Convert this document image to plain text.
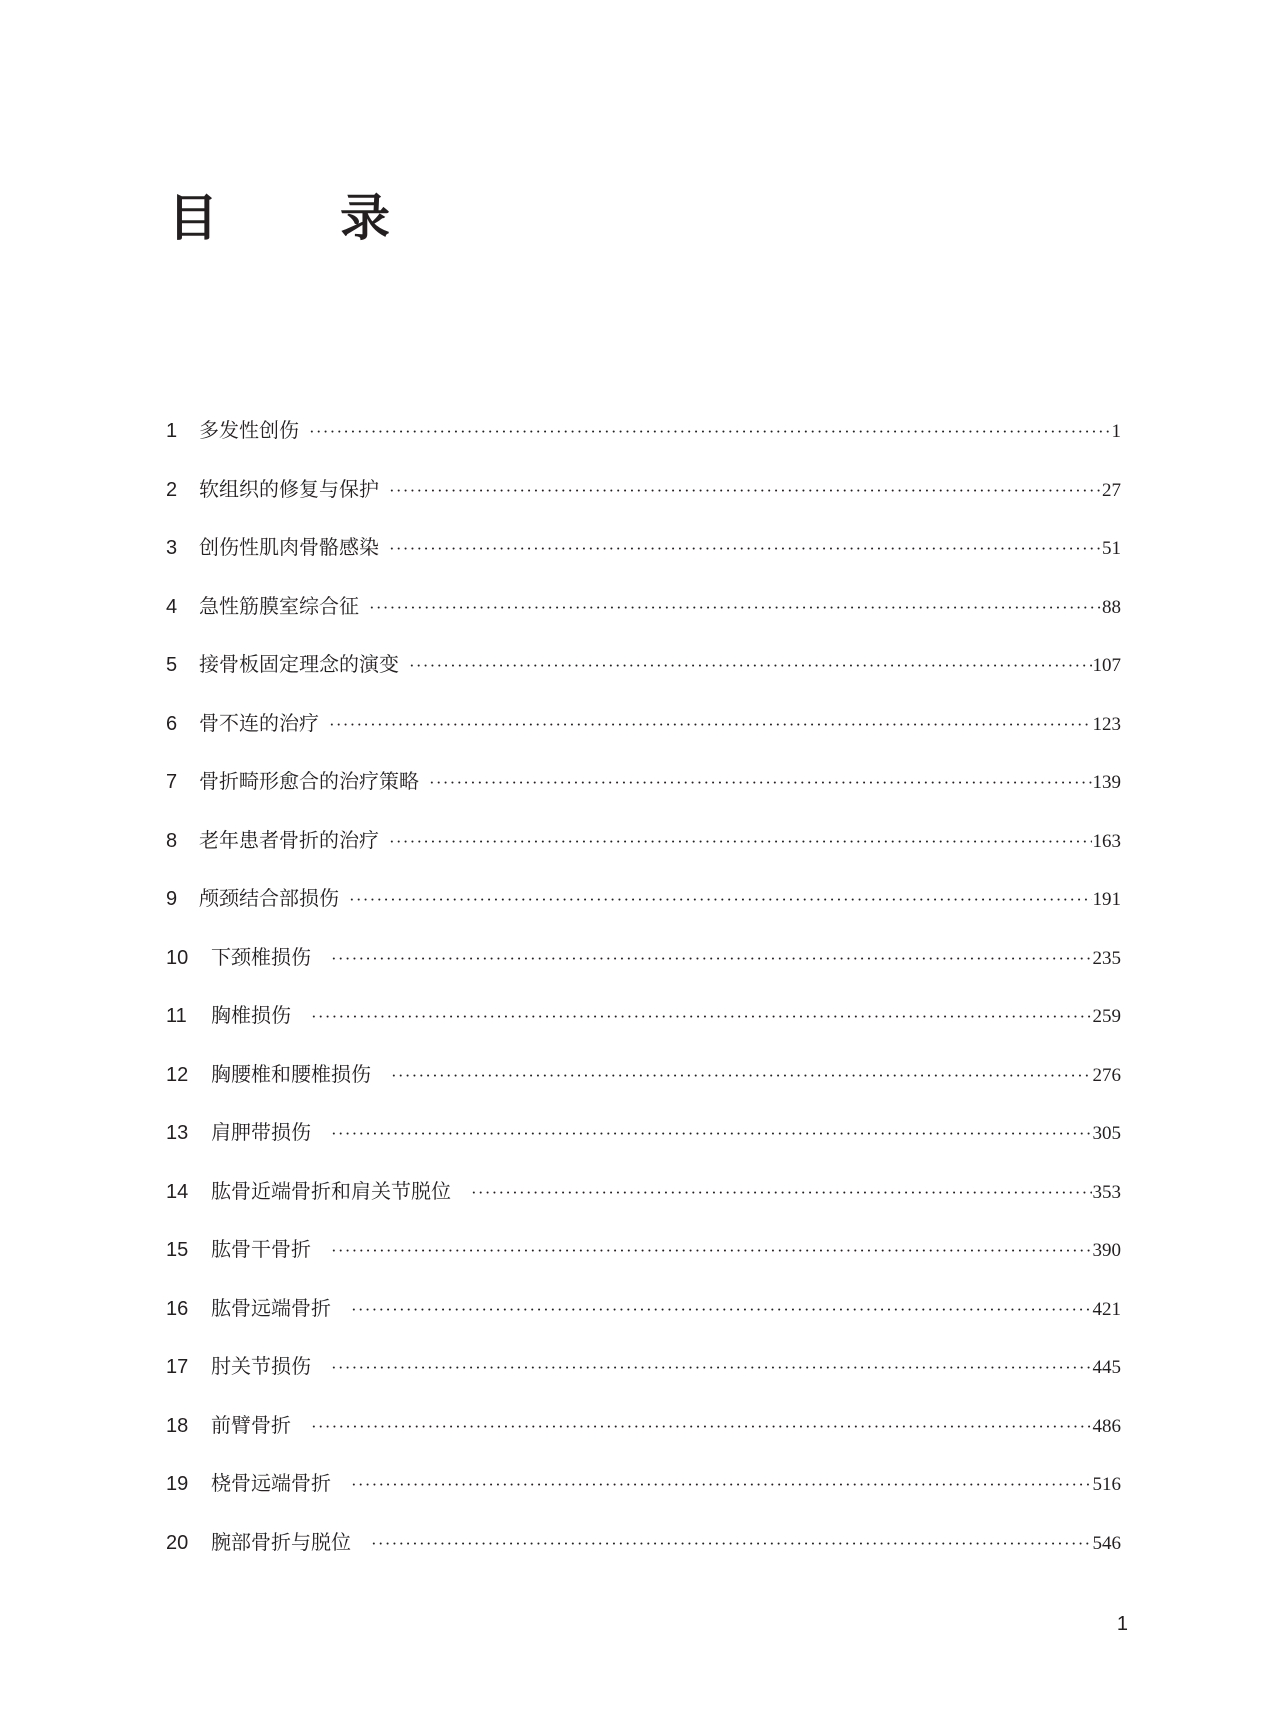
目　录
1	多发性创伤 ·····	1
2	软组织的修复与保护 ·····	27
3	创伤性肌肉骨骼感染 ·····	51
4	急性筋膜室综合征 ·····	88
5	接骨板固定理念的演变 ·····	107
6	骨不连的治疗 ·····	123
7	骨折畸形愈合的治疗策略 ·····	139
8	老年患者骨折的治疗 ·····	163
9	颅颈结合部损伤 ·····	191
10	下颈椎损伤 ·····	235
11	胸椎损伤 ·····	259
12	胸腰椎和腰椎损伤 ·····	276
13	肩胛带损伤 ·····	305
14	肱骨近端骨折和肩关节脱位 ·····	353
15	肱骨干骨折 ·····	390
16	肱骨远端骨折 ·····	421
17	肘关节损伤 ·····	445
18	前臂骨折 ·····	486
19	桡骨远端骨折 ·····	516
20	腕部骨折与脱位 ·····	546
1
